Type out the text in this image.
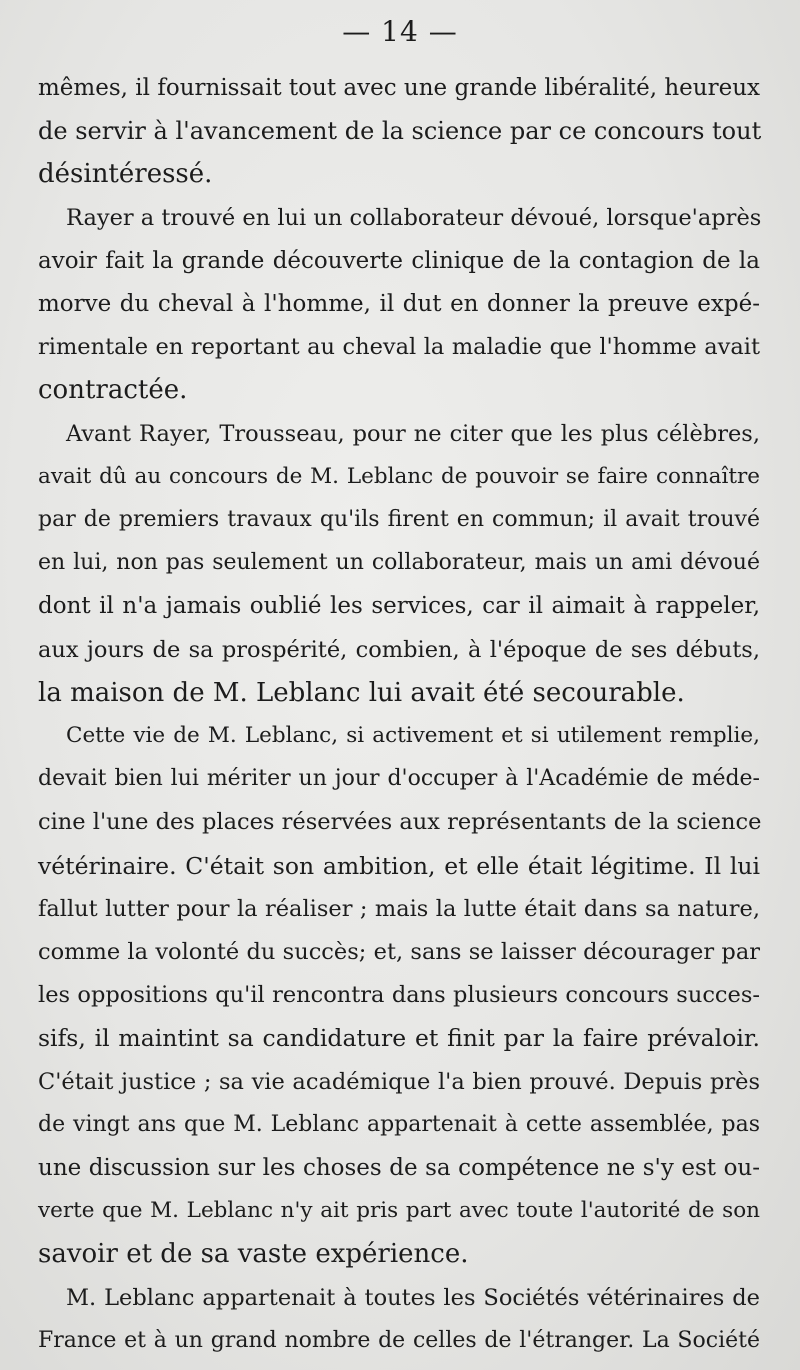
— 14 —
mêmes, il fournissait tout avec une grande libéralité, heureux
de servir à l'avancement de la science par ce concours tout
désintéressé.
Rayer a trouvé en lui un collaborateur dévoué, lorsque'après
avoir fait la grande découverte clinique de la contagion de la
morve du cheval à l'homme, il dut en donner la preuve expé-
rimentale en reportant au cheval la maladie que l'homme avait
contractée.
Avant Rayer, Trousseau, pour ne citer que les plus célèbres,
avait dû au concours de M. Leblanc de pouvoir se faire connaître
par de premiers travaux qu'ils firent en commun; il avait trouvé
en lui, non pas seulement un collaborateur, mais un ami dévoué
dont il n'a jamais oublié les services, car il aimait à rappeler,
aux jours de sa prospérité, combien, à l'époque de ses débuts,
la maison de M. Leblanc lui avait été secourable.
Cette vie de M. Leblanc, si activement et si utilement remplie,
devait bien lui mériter un jour d'occuper à l'Académie de méde-
cine l'une des places réservées aux représentants de la science
vétérinaire. C'était son ambition, et elle était légitime. Il lui
fallut lutter pour la réaliser ; mais la lutte était dans sa nature,
comme la volonté du succès; et, sans se laisser décourager par
les oppositions qu'il rencontra dans plusieurs concours succes-
sifs, il maintint sa candidature et finit par la faire prévaloir.
C'était justice ; sa vie académique l'a bien prouvé. Depuis près
de vingt ans que M. Leblanc appartenait à cette assemblée, pas
une discussion sur les choses de sa compétence ne s'y est ou-
verte que M. Leblanc n'y ait pris part avec toute l'autorité de son
savoir et de sa vaste expérience.
M. Leblanc appartenait à toutes les Sociétés vétérinaires de
France et à un grand nombre de celles de l'étranger. La Société
